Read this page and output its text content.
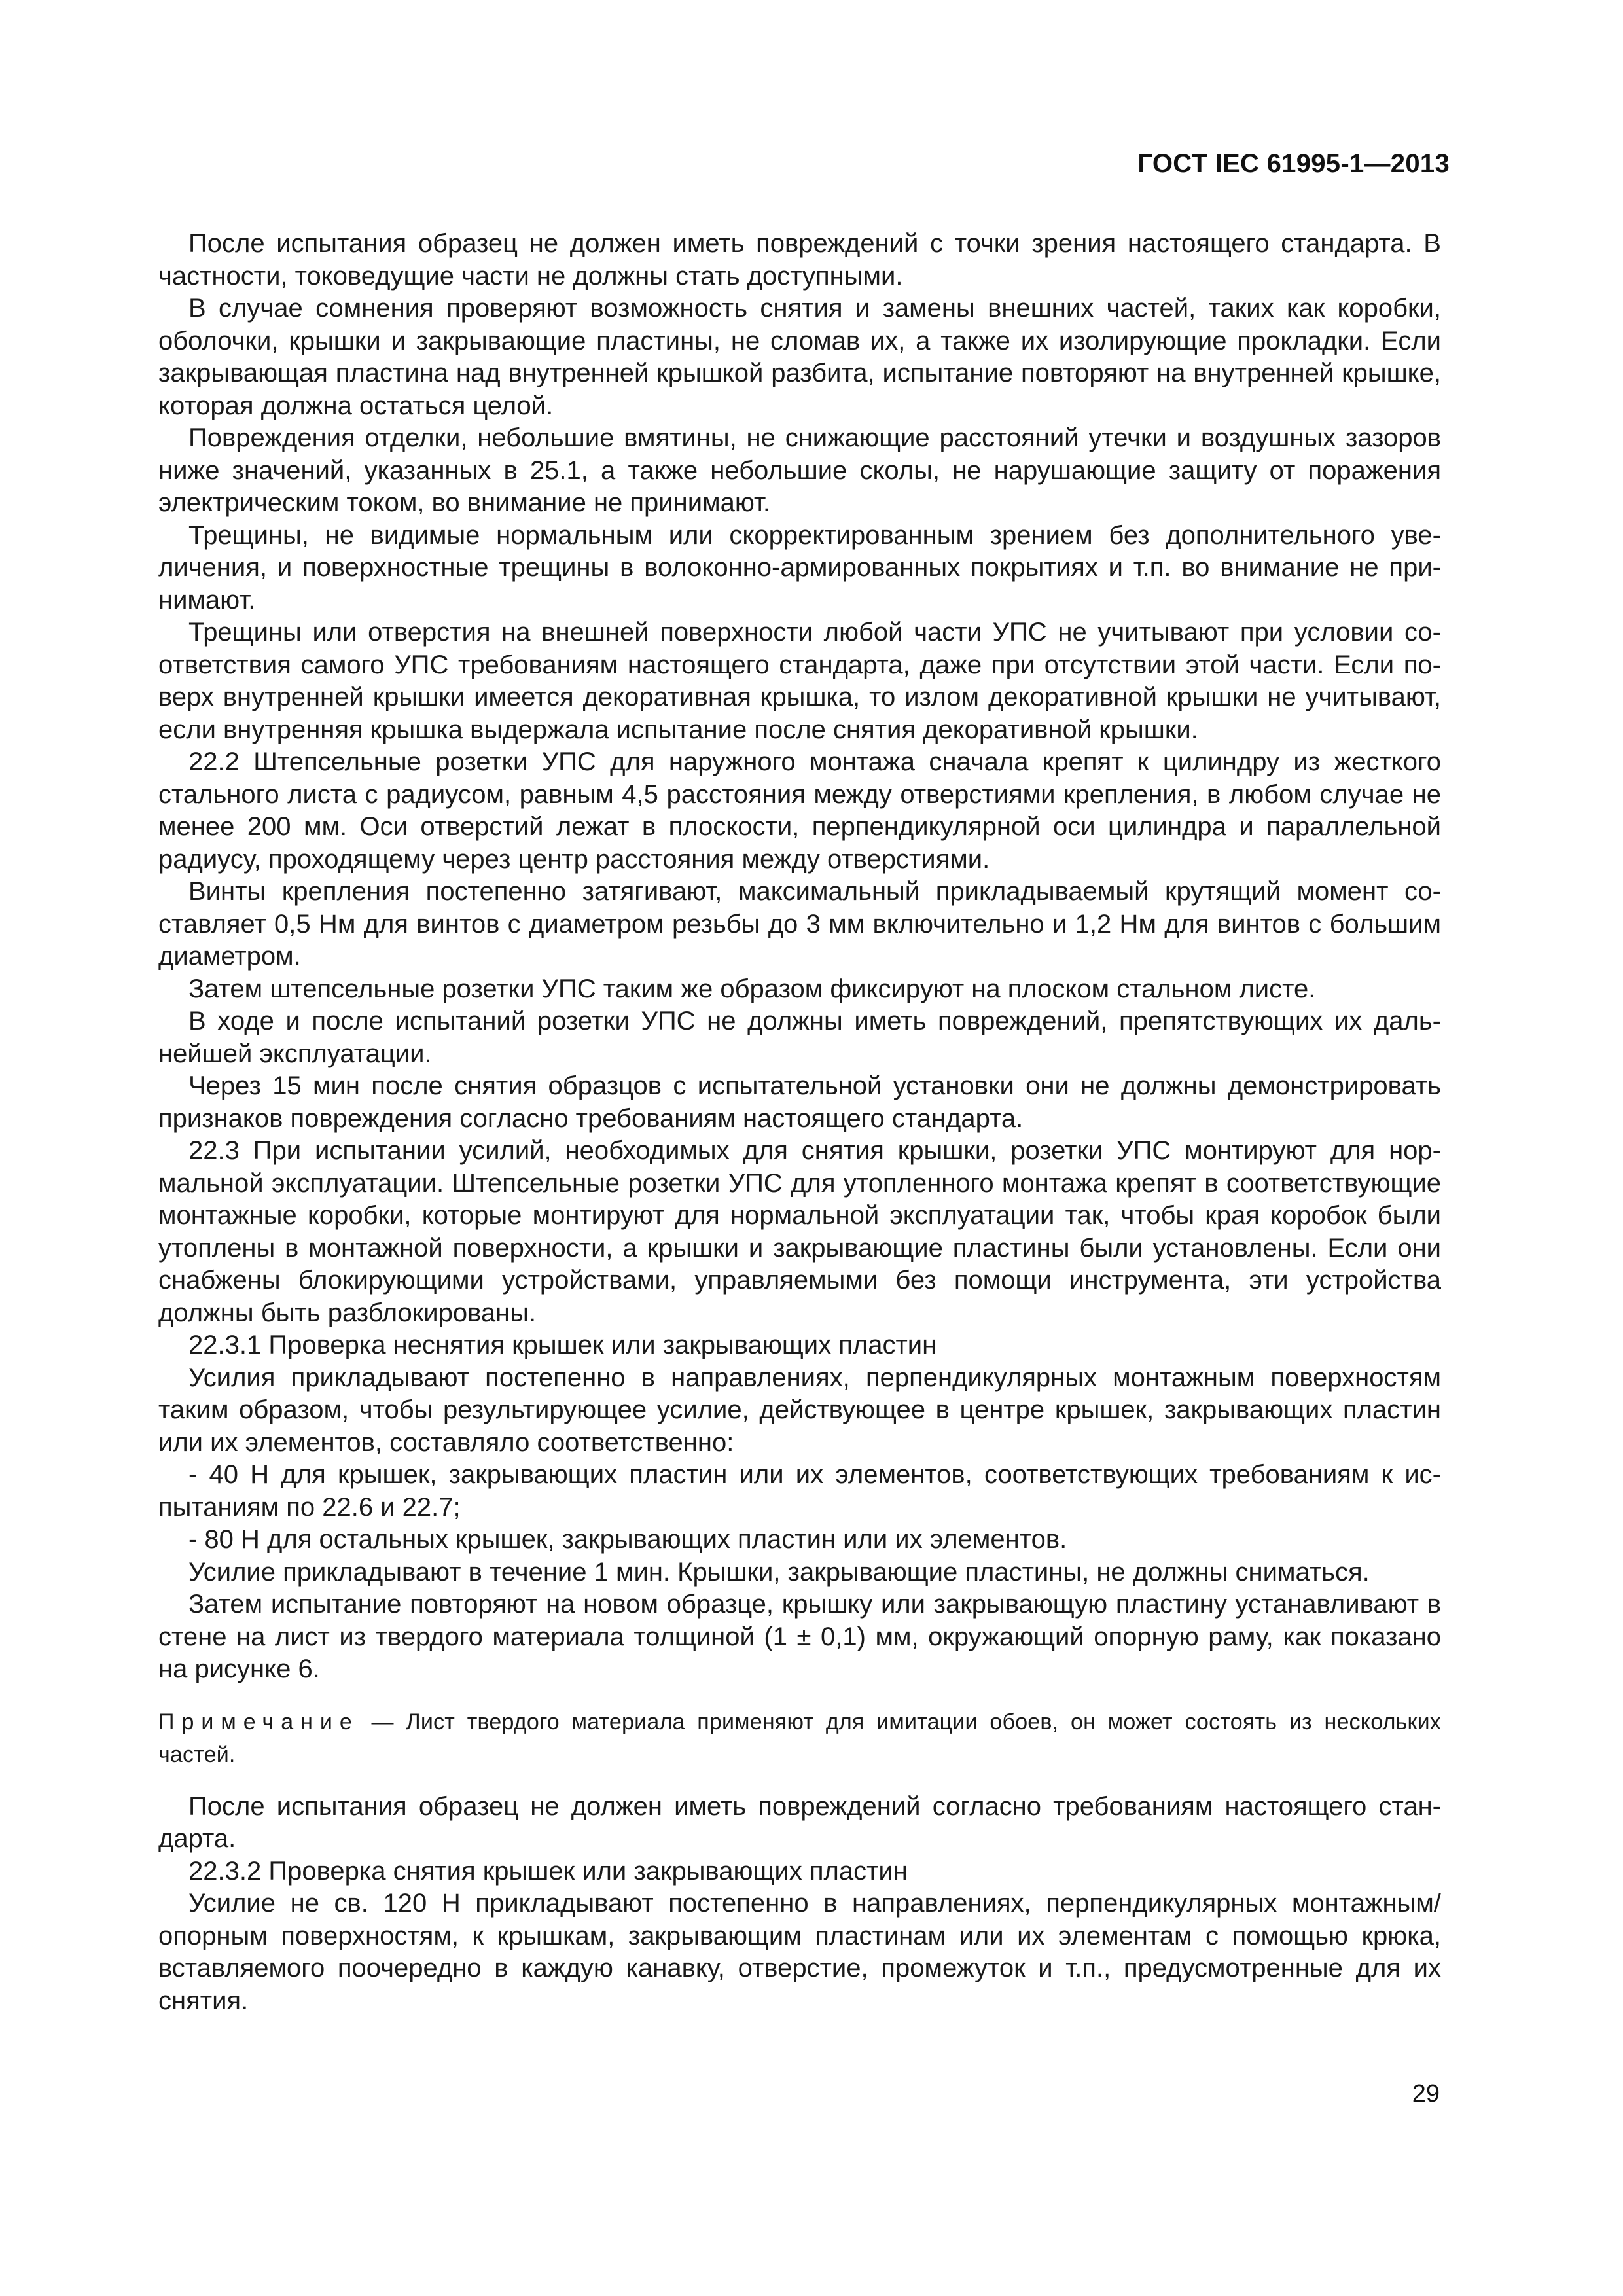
ГОСТ IEC 61995-1—2013

После испытания образец не должен иметь повреждений с точки зрения настоящего стандарта. В частности, токоведущие части не должны стать доступными.

В случае сомнения проверяют возможность снятия и замены внешних частей, таких как коробки, оболочки, крышки и закрывающие пластины, не сломав их, а также их изолирующие прокладки. Если закрывающая пластина над внутренней крышкой разбита, испытание повторяют на внутренней крышке, которая должна остаться целой.

Повреждения отделки, небольшие вмятины, не снижающие расстояний утечки и воздушных зазоров ниже значений, указанных в 25.1, а также небольшие сколы, не нарушающие защиту от поражения электрическим током, во внимание не принимают.

Трещины, не видимые нормальным или скорректированным зрением без дополнительного увеличения, и поверхностные трещины в волоконно-армированных покрытиях и т.п. во внимание не принимают.

Трещины или отверстия на внешней поверхности любой части УПС не учитывают при условии соответствия самого УПС требованиям настоящего стандарта, даже при отсутствии этой части. Если поверх внутренней крышки имеется декоративная крышка, то излом декоративной крышки не учитывают, если внутренняя крышка выдержала испытание после снятия декоративной крышки.

22.2 Штепсельные розетки УПС для наружного монтажа сначала крепят к цилиндру из жесткого стального листа с радиусом, равным 4,5 расстояния между отверстиями крепления, в любом случае не менее 200 мм. Оси отверстий лежат в плоскости, перпендикулярной оси цилиндра и параллельной радиусу, проходящему через центр расстояния между отверстиями.

Винты крепления постепенно затягивают, максимальный прикладываемый крутящий момент составляет 0,5 Нм для винтов с диаметром резьбы до 3 мм включительно и 1,2 Нм для винтов с большим диаметром.

Затем штепсельные розетки УПС таким же образом фиксируют на плоском стальном листе.

В ходе и после испытаний розетки УПС не должны иметь повреждений, препятствующих их дальнейшей эксплуатации.

Через 15 мин после снятия образцов с испытательной установки они не должны демонстрировать признаков повреждения согласно требованиям настоящего стандарта.

22.3 При испытании усилий, необходимых для снятия крышки, розетки УПС монтируют для нормальной эксплуатации. Штепсельные розетки УПС для утопленного монтажа крепят в соответствующие монтажные коробки, которые монтируют для нормальной эксплуатации так, чтобы края коробок были утоплены в монтажной поверхности, а крышки и закрывающие пластины были установлены. Если они снабжены блокирующими устройствами, управляемыми без помощи инструмента, эти устройства должны быть разблокированы.

22.3.1 Проверка неснятия крышек или закрывающих пластин

Усилия прикладывают постепенно в направлениях, перпендикулярных монтажным поверхностям таким образом, чтобы результирующее усилие, действующее в центре крышек, закрывающих пластин или их элементов, составляло соответственно:

- 40 Н для крышек, закрывающих пластин или их элементов, соответствующих требованиям к испытаниям по 22.6 и 22.7;

- 80 Н для остальных крышек, закрывающих пластин или их элементов.

Усилие прикладывают в течение 1 мин. Крышки, закрывающие пластины, не должны сниматься.

Затем испытание повторяют на новом образце, крышку или закрывающую пластину устанавливают в стене на лист из твердого материала толщиной (1 ± 0,1) мм, окружающий опорную раму, как показано на рисунке 6.

Примечание — Лист твердого материала применяют для имитации обоев, он может состоять из нескольких частей.

После испытания образец не должен иметь повреждений согласно требованиям настоящего стандарта.

22.3.2 Проверка снятия крышек или закрывающих пластин

Усилие не св. 120 Н прикладывают постепенно в направлениях, перпендикулярных монтажным/ опорным поверхностям, к крышкам, закрывающим пластинам или их элементам с помощью крюка, вставляемого поочередно в каждую канавку, отверстие, промежуток и т.п., предусмотренные для их снятия.

29
